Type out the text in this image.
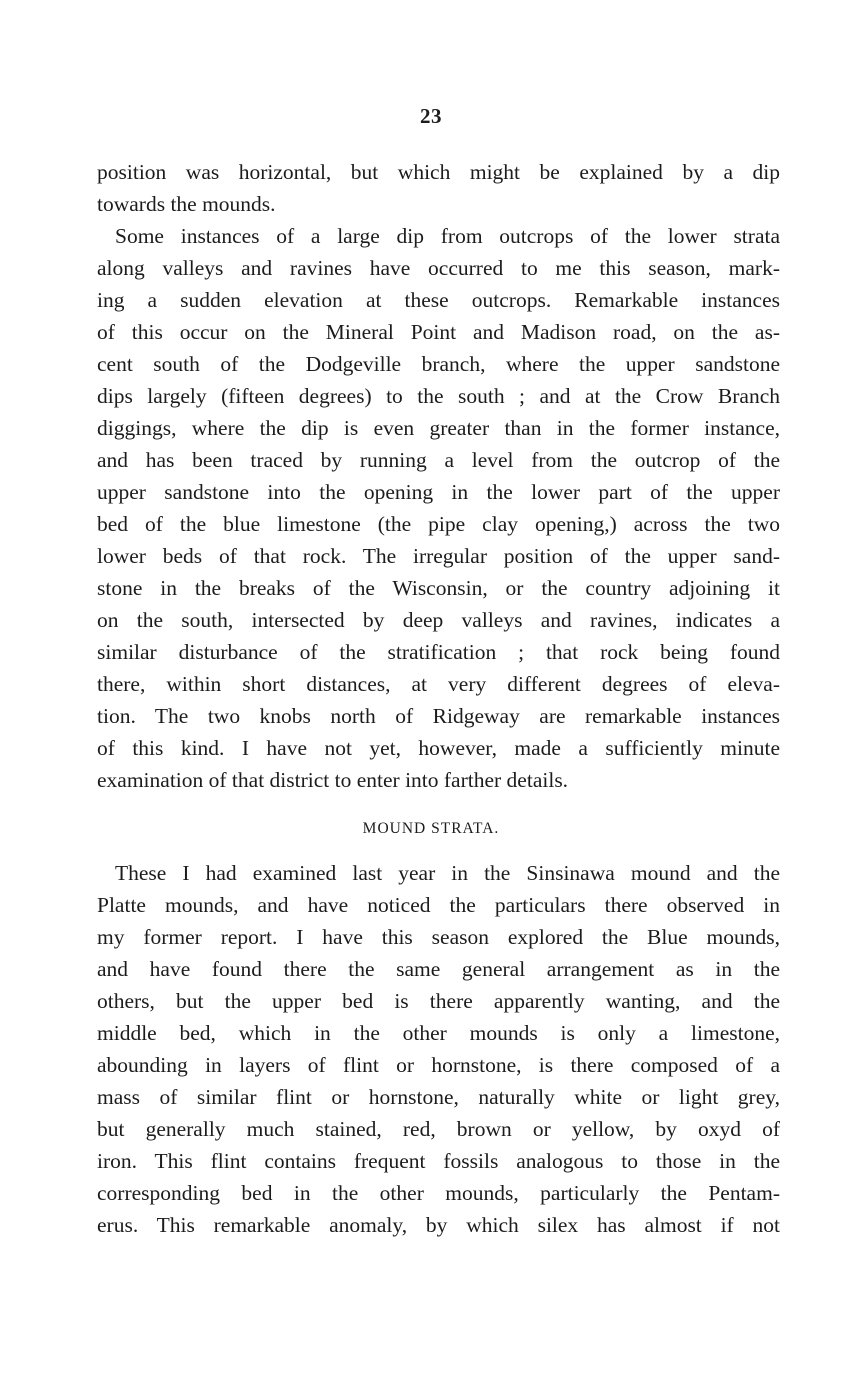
23
position was horizontal, but which might be explained by a dip
towards the mounds.
Some instances of a large dip from outcrops of the lower strata
along valleys and ravines have occurred to me this season, mark-
ing a sudden elevation at these outcrops. Remarkable instances
of this occur on the Mineral Point and Madison road, on the as-
cent south of the Dodgeville branch, where the upper sandstone
dips largely (fifteen degrees) to the south ; and at the Crow Branch
diggings, where the dip is even greater than in the former instance,
and has been traced by running a level from the outcrop of the
upper sandstone into the opening in the lower part of the upper
bed of the blue limestone (the pipe clay opening,) across the two
lower beds of that rock. The irregular position of the upper sand-
stone in the breaks of the Wisconsin, or the country adjoining it
on the south, intersected by deep valleys and ravines, indicates a
similar disturbance of the stratification ; that rock being found
there, within short distances, at very different degrees of eleva-
tion. The two knobs north of Ridgeway are remarkable instances
of this kind. I have not yet, however, made a sufficiently minute
examination of that district to enter into farther details.
MOUND STRATA.
These I had examined last year in the Sinsinawa mound and the
Platte mounds, and have noticed the particulars there observed in
my former report. I have this season explored the Blue mounds,
and have found there the same general arrangement as in the
others, but the upper bed is there apparently wanting, and the
middle bed, which in the other mounds is only a limestone,
abounding in layers of flint or hornstone, is there composed of a
mass of similar flint or hornstone, naturally white or light grey,
but generally much stained, red, brown or yellow, by oxyd of
iron. This flint contains frequent fossils analogous to those in the
corresponding bed in the other mounds, particularly the Pentam-
erus. This remarkable anomaly, by which silex has almost if not
